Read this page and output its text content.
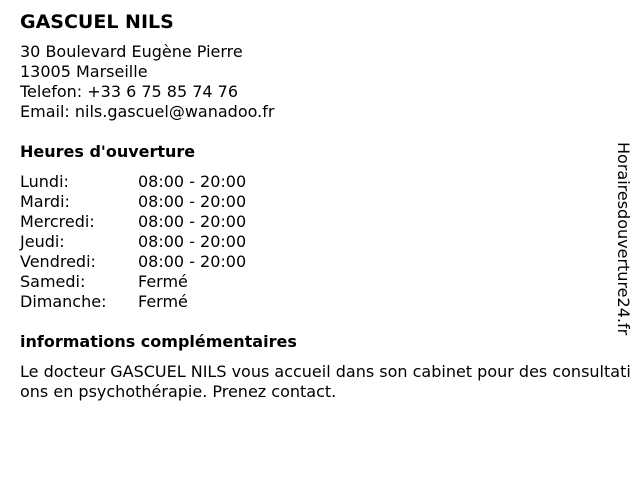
GASCUEL NILS
30 Boulevard Eugène Pierre
13005 Marseille
Telefon: +33 6 75 85 74 76
Email: nils.gascuel@wanadoo.fr
Heures d'ouverture
Lundi:	08:00 - 20:00
Mardi:	08:00 - 20:00
Mercredi:	08:00 - 20:00
Jeudi:	08:00 - 20:00
Vendredi:	08:00 - 20:00
Samedi:	Fermé
Dimanche:	Fermé
informations complémentaires
Le docteur GASCUEL NILS vous accueil dans son cabinet pour des consultations en psychothérapie. Prenez contact.
Horairesdouverture24.fr
